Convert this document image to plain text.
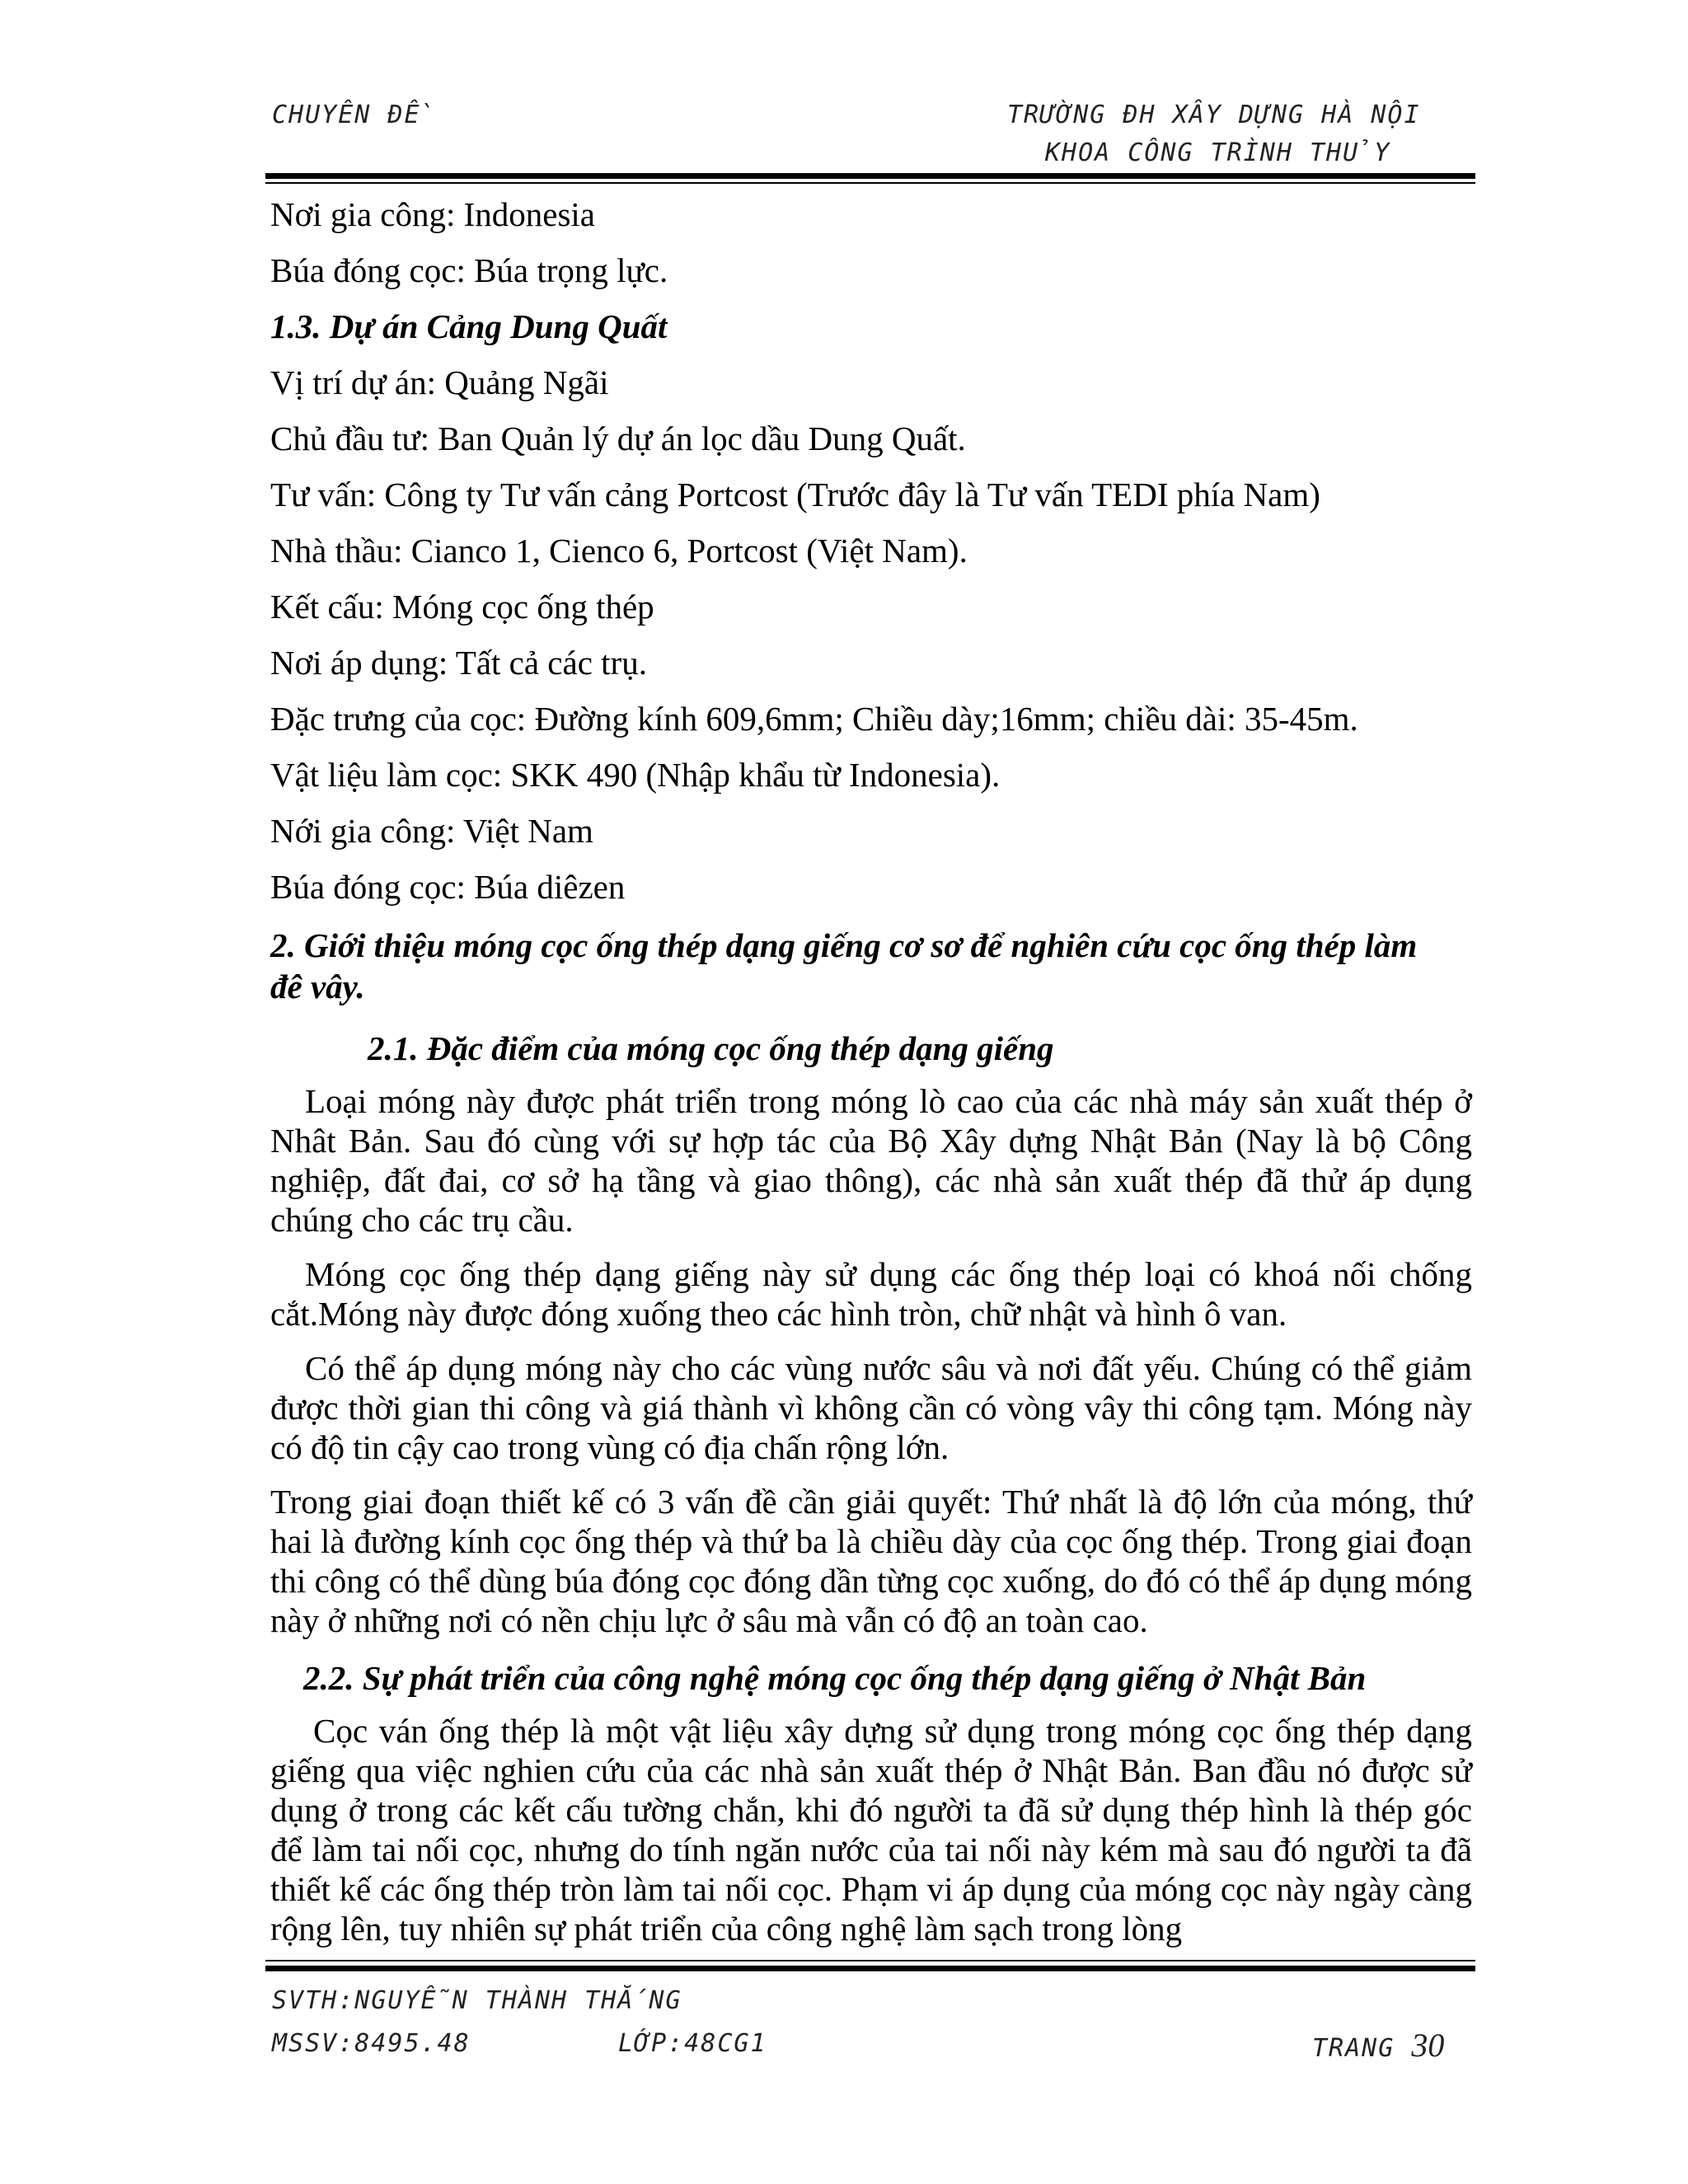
CHUYÊN ĐỀ	TRƯỜNG ĐH XÂY DỰNG HÀ NỘI
KHOA CÔNG TRÌNH THỦY
Nơi gia công: Indonesia
Búa đóng cọc: Búa trọng lực.
1.3. Dự án Cảng Dung Quất
Vị trí dự án: Quảng Ngãi
Chủ đầu tư: Ban Quản lý dự án lọc dầu Dung Quất.
Tư vấn: Công ty Tư vấn cảng Portcost (Trước đây là Tư vấn TEDI phía Nam)
Nhà thầu: Cianco 1, Cienco 6, Portcost (Việt Nam).
Kết cấu: Móng cọc ống thép
Nơi áp dụng: Tất cả các trụ.
Đặc trưng của cọc: Đường kính 609,6mm; Chiều dày;16mm; chiều dài: 35-45m.
Vật liệu làm cọc: SKK 490 (Nhập khẩu từ Indonesia).
Nới gia công: Việt Nam
Búa đóng cọc: Búa diêzen
2. Giới thiệu móng cọc ống thép dạng giếng cơ sơ để nghiên cứu cọc ống thép làm
đê vây.
2.1. Đặc điểm của móng cọc ống thép dạng giếng
Loại móng này được phát triển trong móng lò cao của các nhà máy sản xuất thép ở Nhât Bản. Sau đó cùng với sự hợp tác của Bộ Xây dựng Nhật Bản (Nay là bộ Công nghiệp, đất đai, cơ sở hạ tầng và giao thông), các nhà sản xuất thép đã thử áp dụng chúng cho các trụ cầu.
Móng cọc ống thép dạng giếng này sử dụng các ống thép loại có khoá nối chống cắt.Móng này được đóng xuống theo các hình tròn, chữ nhật và hình ô van.
Có thể áp dụng móng này cho các vùng nước sâu và nơi đất yếu. Chúng có thể giảm được thời gian thi công và giá thành vì không cần có vòng vây thi công tạm. Móng này có độ tin cậy cao trong vùng có địa chấn rộng lớn.
Trong giai đoạn thiết kế có 3 vấn đề cần giải quyết: Thứ nhất là độ lớn của móng, thứ hai là đường kính cọc ống thép và thứ ba là chiều dày của cọc ống thép. Trong giai đoạn thi công có thể dùng búa đóng cọc đóng dần từng cọc xuống, do đó có thể áp dụng móng này ở những nơi có nền chịu lực ở sâu mà vẫn có độ an toàn cao.
2.2. Sự phát triển của công nghệ móng cọc ống thép dạng giếng ở Nhật Bản
Cọc ván ống thép là một vật liệu xây dựng sử dụng trong móng cọc ống thép dạng giếng qua việc nghien cứu của các nhà sản xuất thép ở Nhật Bản. Ban đầu nó được sử dụng ở trong các kết cấu tường chắn, khi đó người ta đã sử dụng thép hình là thép góc để làm tai nối cọc, nhưng do tính ngăn nước của tai nối này kém mà sau đó người ta đã thiết kế các ống thép tròn làm tai nối cọc. Phạm vi áp dụng của móng cọc này ngày càng rộng lên, tuy nhiên sự phát triển của công nghệ làm sạch trong lòng
SVTH:NGUYỄN THÀNH THẮNG
MSSV:8495.48	LỚP:48CG1	TRANG 30
